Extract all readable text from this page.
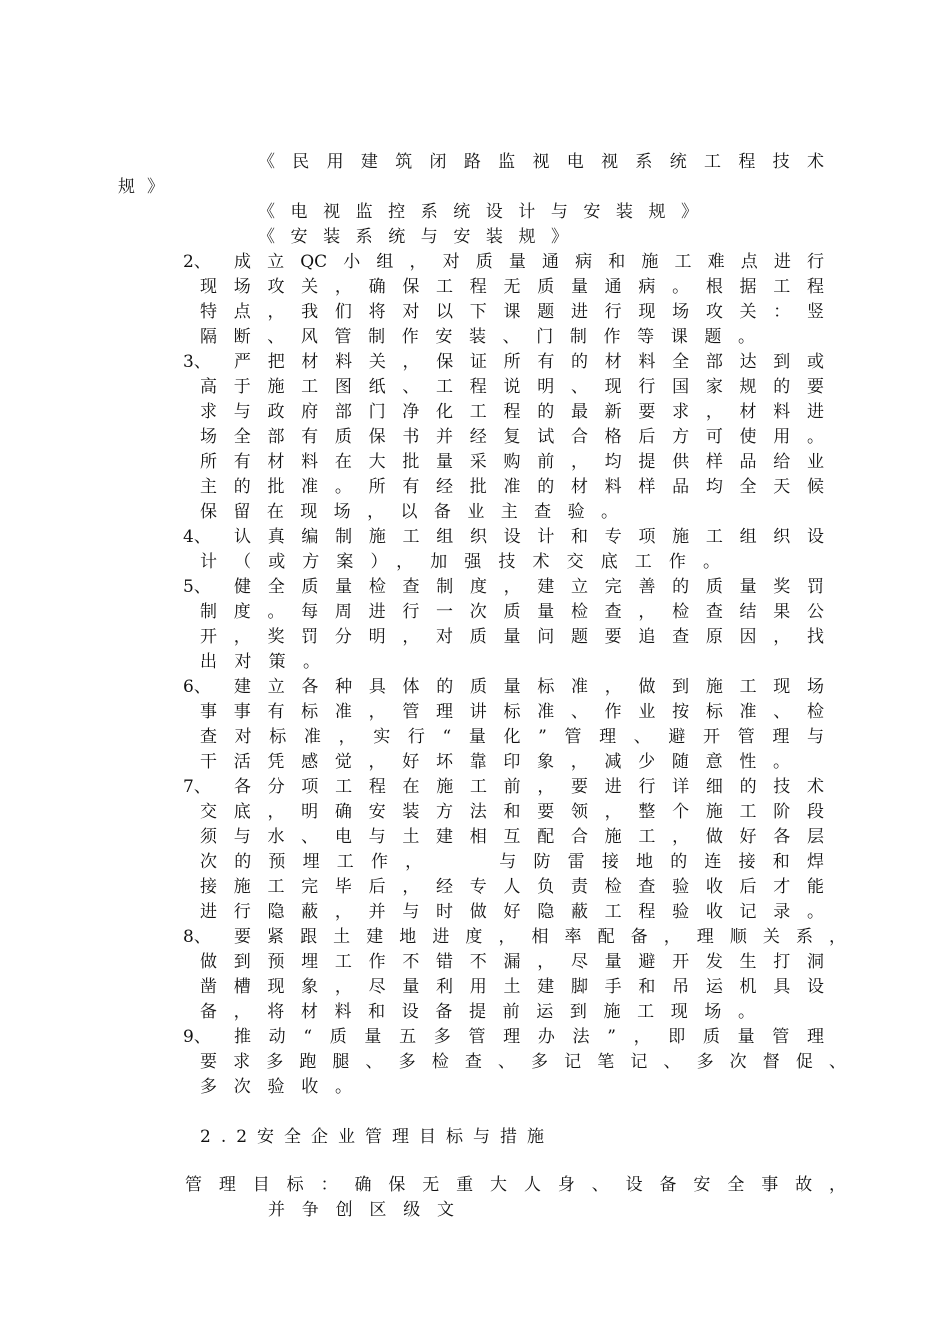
《民用建筑闭路监视电视系统工程技术
规》
《电视监控系统设计与安装规》
《安装系统与安装规》
2、 成立QC小组，对质量通病和施工难点进行
现场攻关，确保工程无质量通病。根据工程
特点，我们将对以下课题进行现场攻关：竖
隔断、风管制作安装、门制作等课题。
3、 严把材料关，保证所有的材料全部达到或
高于施工图纸、工程说明、现行国家规的要
求与政府部门净化工程的最新要求，材料进
场全部有质保书并经复试合格后方可使用。
所有材料在大批量采购前，均提供样品给业
主的批准。所有经批准的材料样品均全天候
保留在现场，以备业主查验。
4、 认真编制施工组织设计和专项施工组织设
计（或方案），加强技术交底工作。
5、 健全质量检查制度，建立完善的质量奖罚
制度。每周进行一次质量检查，检查结果公
开，奖罚分明，对质量问题要追查原因，找
出对策。
6、 建立各种具体的质量标准，做到施工现场
事事有标准，管理讲标准、作业按标准、检
查对标准，实行“量化”管理、避开管理与
干活凭感觉，好坏靠印象，减少随意性。
7、 各分项工程在施工前，要进行详细的技术
交底，明确安装方法和要领，整个施工阶段
须与水、电与土建相互配合施工，做好各层
次的预埋工作，　　与防雷接地的连接和焊
接施工完毕后，经专人负责检查验收后才能
进行隐蔽，并与时做好隐蔽工程验收记录。
8、 要紧跟土建地进度，相率配备，理顺关系，
做到预埋工作不错不漏，尽量避开发生打洞
凿槽现象，尽量利用土建脚手和吊运机具设
备，将材料和设备提前运到施工现场。
9、 推动“质量五多管理办法”，即质量管理
要求多跑腿、多检查、多记笔记、多次督促、
多次验收。
2.2安全企业管理目标与措施
管理目标：确保无重大人身、设备安全事故，
并争创区级文
